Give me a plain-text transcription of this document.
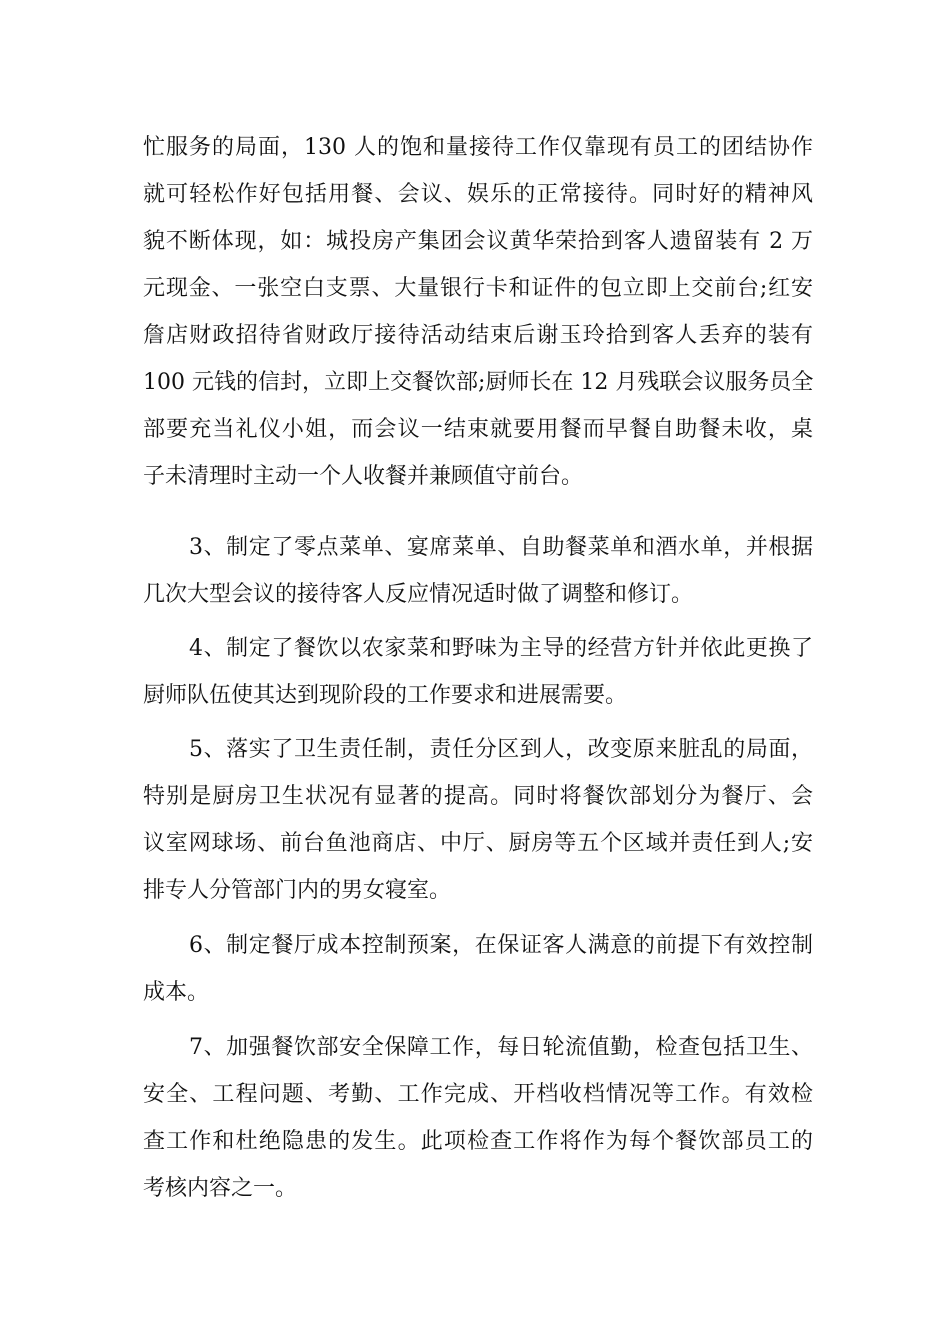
忙服务的局面，130 人的饱和量接待工作仅靠现有员工的团结协作
就可轻松作好包括用餐、会议、娱乐的正常接待。同时好的精神风
貌不断体现，如：城投房产集团会议黄华荣拾到客人遗留装有 2 万
元现金、一张空白支票、大量银行卡和证件的包立即上交前台;红安
詹店财政招待省财政厅接待活动结束后谢玉玲拾到客人丢弃的装有
100 元钱的信封，立即上交餐饮部;厨师长在 12 月残联会议服务员全
部要充当礼仪小姐，而会议一结束就要用餐而早餐自助餐未收，桌
子未清理时主动一个人收餐并兼顾值守前台。
3、制定了零点菜单、宴席菜单、自助餐菜单和酒水单，并根据
几次大型会议的接待客人反应情况适时做了调整和修订。
4、制定了餐饮以农家菜和野味为主导的经营方针并依此更换了
厨师队伍使其达到现阶段的工作要求和进展需要。
5、落实了卫生责任制，责任分区到人，改变原来脏乱的局面，
特别是厨房卫生状况有显著的提高。同时将餐饮部划分为餐厅、会
议室网球场、前台鱼池商店、中厅、厨房等五个区域并责任到人;安
排专人分管部门内的男女寝室。
6、制定餐厅成本控制预案，在保证客人满意的前提下有效控制
成本。
7、加强餐饮部安全保障工作，每日轮流值勤，检查包括卫生、
安全、工程问题、考勤、工作完成、开档收档情况等工作。有效检
查工作和杜绝隐患的发生。此项检查工作将作为每个餐饮部员工的
考核内容之一。
